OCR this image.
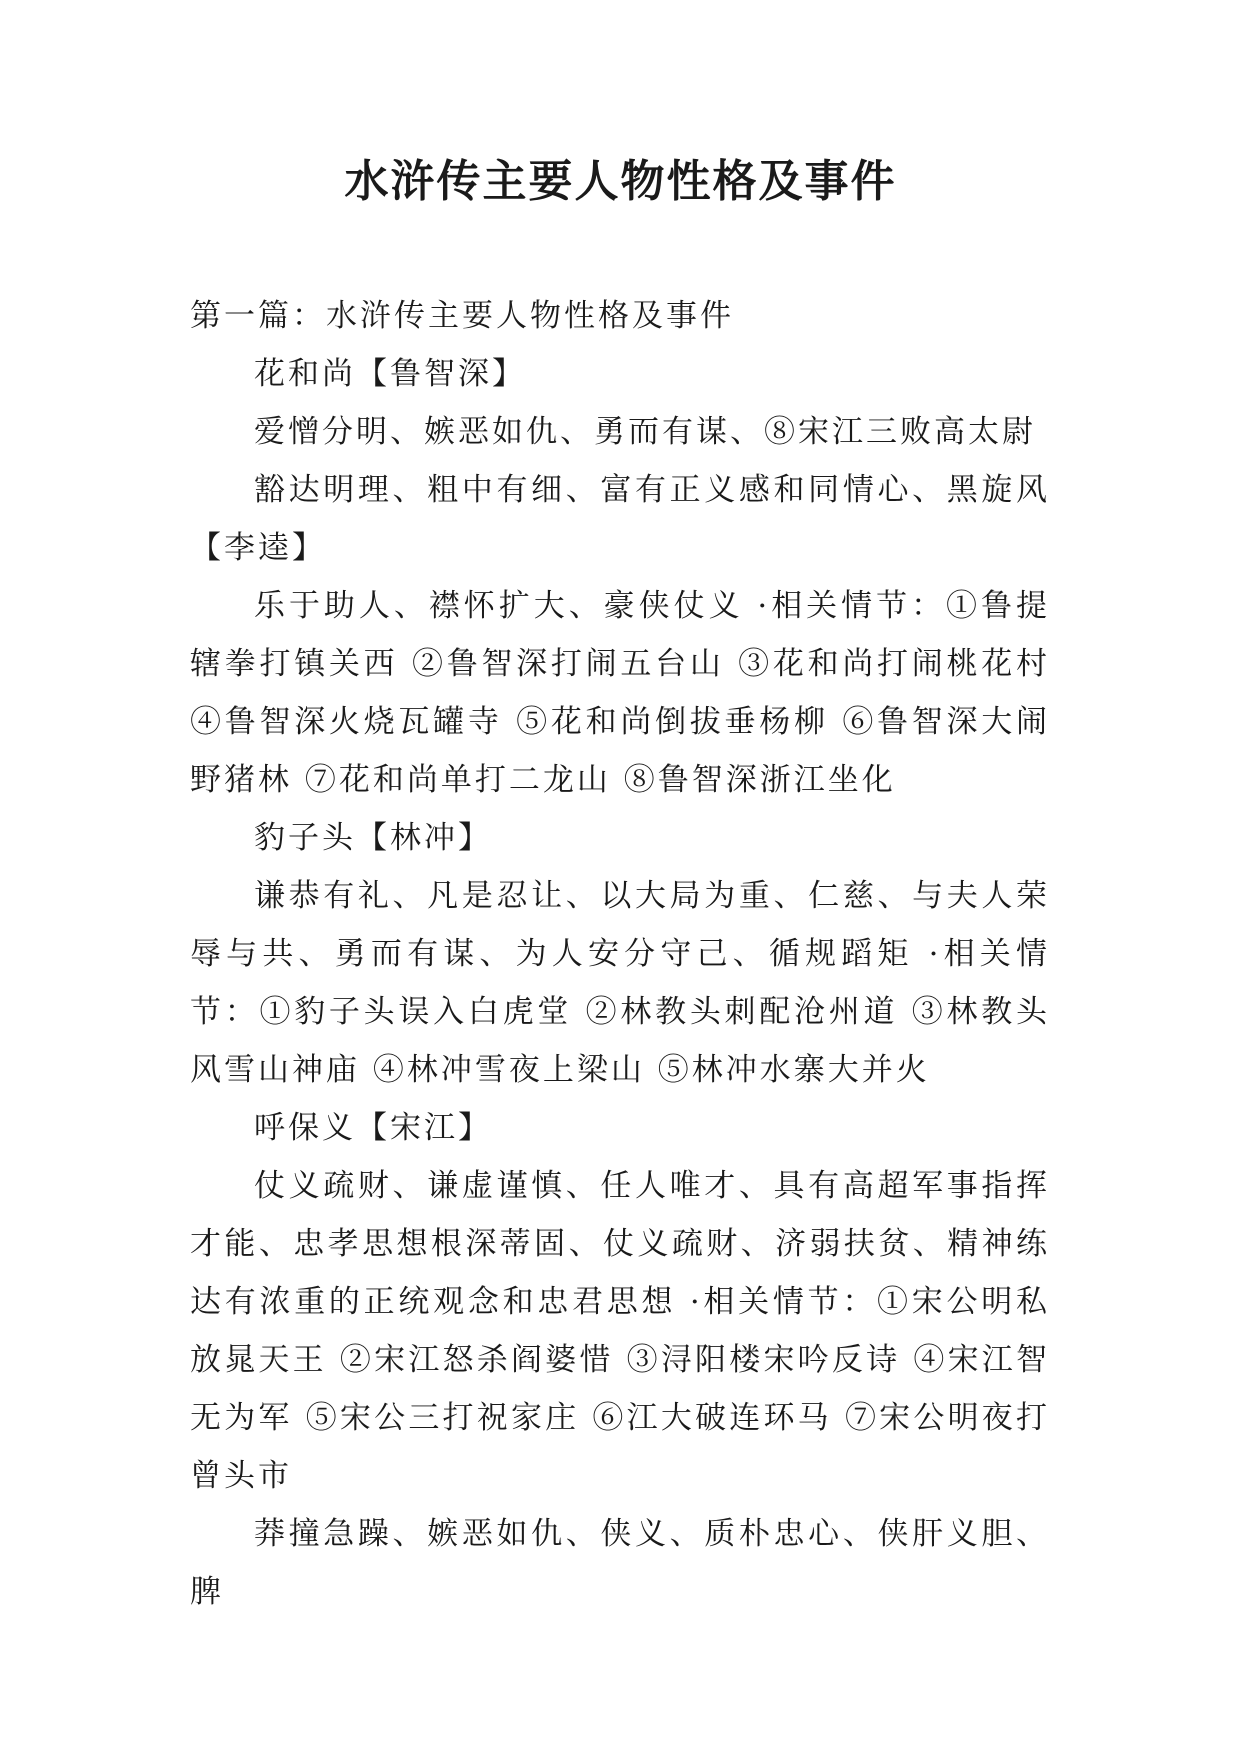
水浒传主要人物性格及事件

第一篇：水浒传主要人物性格及事件

花和尚【鲁智深】

爱憎分明、嫉恶如仇、勇而有谋、⑧宋江三败高太尉

豁达明理、粗中有细、富有正义感和同情心、黑旋风【李逵】

乐于助人、襟怀扩大、豪侠仗义 ·相关情节：①鲁提辖拳打镇关西 ②鲁智深打闹五台山 ③花和尚打闹桃花村 ④鲁智深火烧瓦罐寺 ⑤花和尚倒拔垂杨柳 ⑥鲁智深大闹野猪林 ⑦花和尚单打二龙山 ⑧鲁智深浙江坐化

豹子头【林冲】

谦恭有礼、凡是忍让、以大局为重、仁慈、与夫人荣辱与共、勇而有谋、为人安分守己、循规蹈矩 ·相关情节：①豹子头误入白虎堂 ②林教头刺配沧州道 ③林教头风雪山神庙 ④林冲雪夜上梁山 ⑤林冲水寨大并火

呼保义【宋江】

仗义疏财、谦虚谨慎、任人唯才、具有高超军事指挥才能、忠孝思想根深蒂固、仗义疏财、济弱扶贫、精神练达有浓重的正统观念和忠君思想 ·相关情节：①宋公明私放晁天王 ②宋江怒杀阎婆惜 ③浔阳楼宋吟反诗 ④宋江智无为军 ⑤宋公三打祝家庄 ⑥江大破连环马 ⑦宋公明夜打曾头市

莽撞急躁、嫉恶如仇、侠义、质朴忠心、侠肝义胆、脾
